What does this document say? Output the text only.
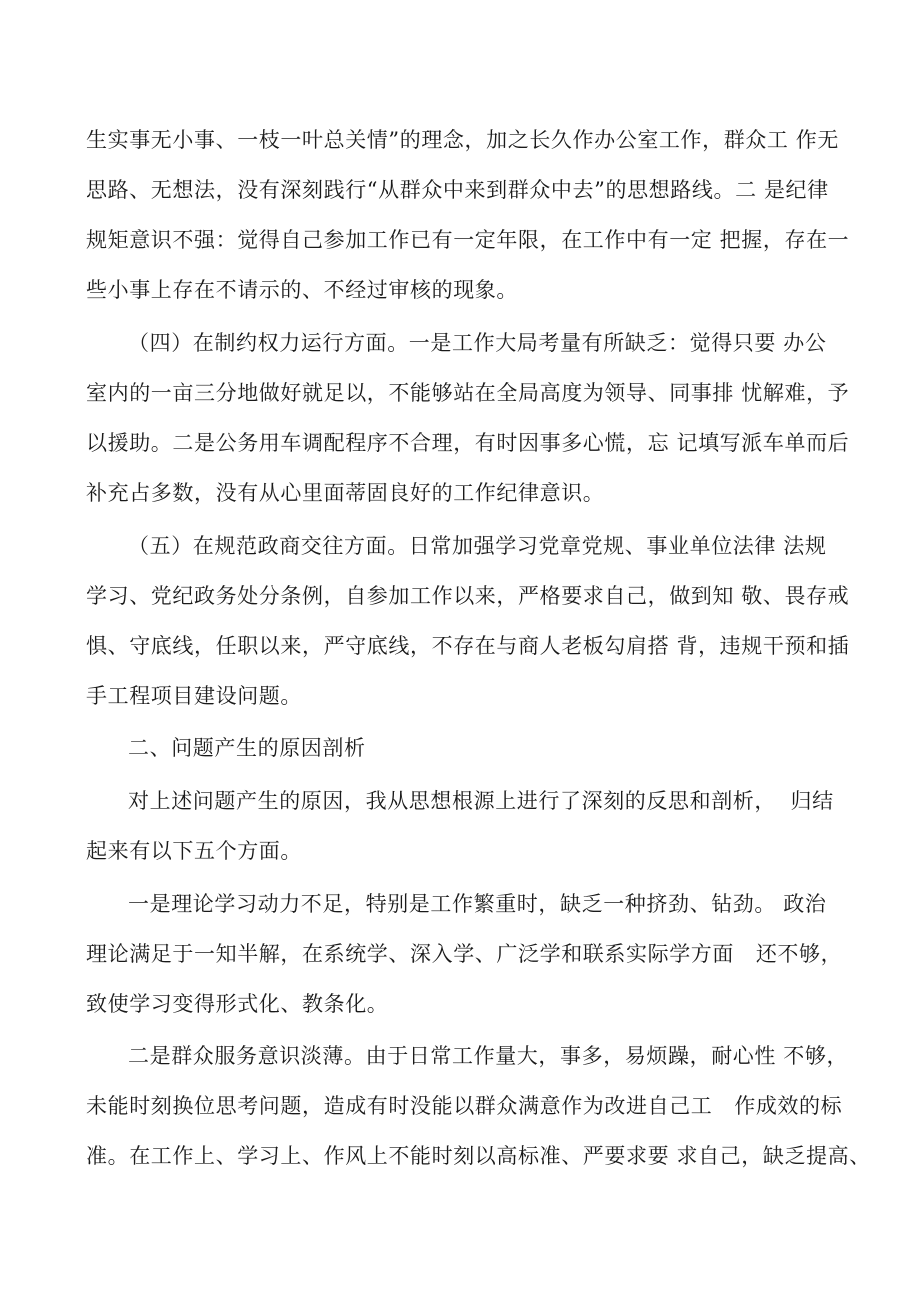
生实事无小事、一枝一叶总关情”的理念，加之长久作办公室工作，群众工 作无
思路、无想法，没有深刻践行“从群众中来到群众中去”的思想路线。二 是纪律
规矩意识不强：觉得自己参加工作已有一定年限，在工作中有一定 把握，存在一
些小事上存在不请示的、不经过审核的现象。
（四）在制约权力运行方面。一是工作大局考量有所缺乏：觉得只要 办公
室内的一亩三分地做好就足以，不能够站在全局高度为领导、同事排 忧解难，予
以援助。二是公务用车调配程序不合理，有时因事多心慌，忘 记填写派车单而后
补充占多数，没有从心里面蒂固良好的工作纪律意识。
（五）在规范政商交往方面。日常加强学习党章党规、事业单位法律 法规
学习、党纪政务处分条例，自参加工作以来，严格要求自己，做到知 敬、畏存戒
惧、守底线，任职以来，严守底线，不存在与商人老板勾肩搭 背，违规干预和插
手工程项目建设问题。
二、问题产生的原因剖析
对上述问题产生的原因，我从思想根源上进行了深刻的反思和剖析，  归结
起来有以下五个方面。
一是理论学习动力不足，特别是工作繁重时，缺乏一种挤劲、钻劲。 政治
理论满足于一知半解，在系统学、深入学、广泛学和联系实际学方面   还不够，
致使学习变得形式化、教条化。
二是群众服务意识淡薄。由于日常工作量大，事多，易烦躁，耐心性 不够，
未能时刻换位思考问题，造成有时没能以群众满意作为改进自己工   作成效的标
准。在工作上、学习上、作风上不能时刻以高标准、严要求要 求自己，缺乏提高、
